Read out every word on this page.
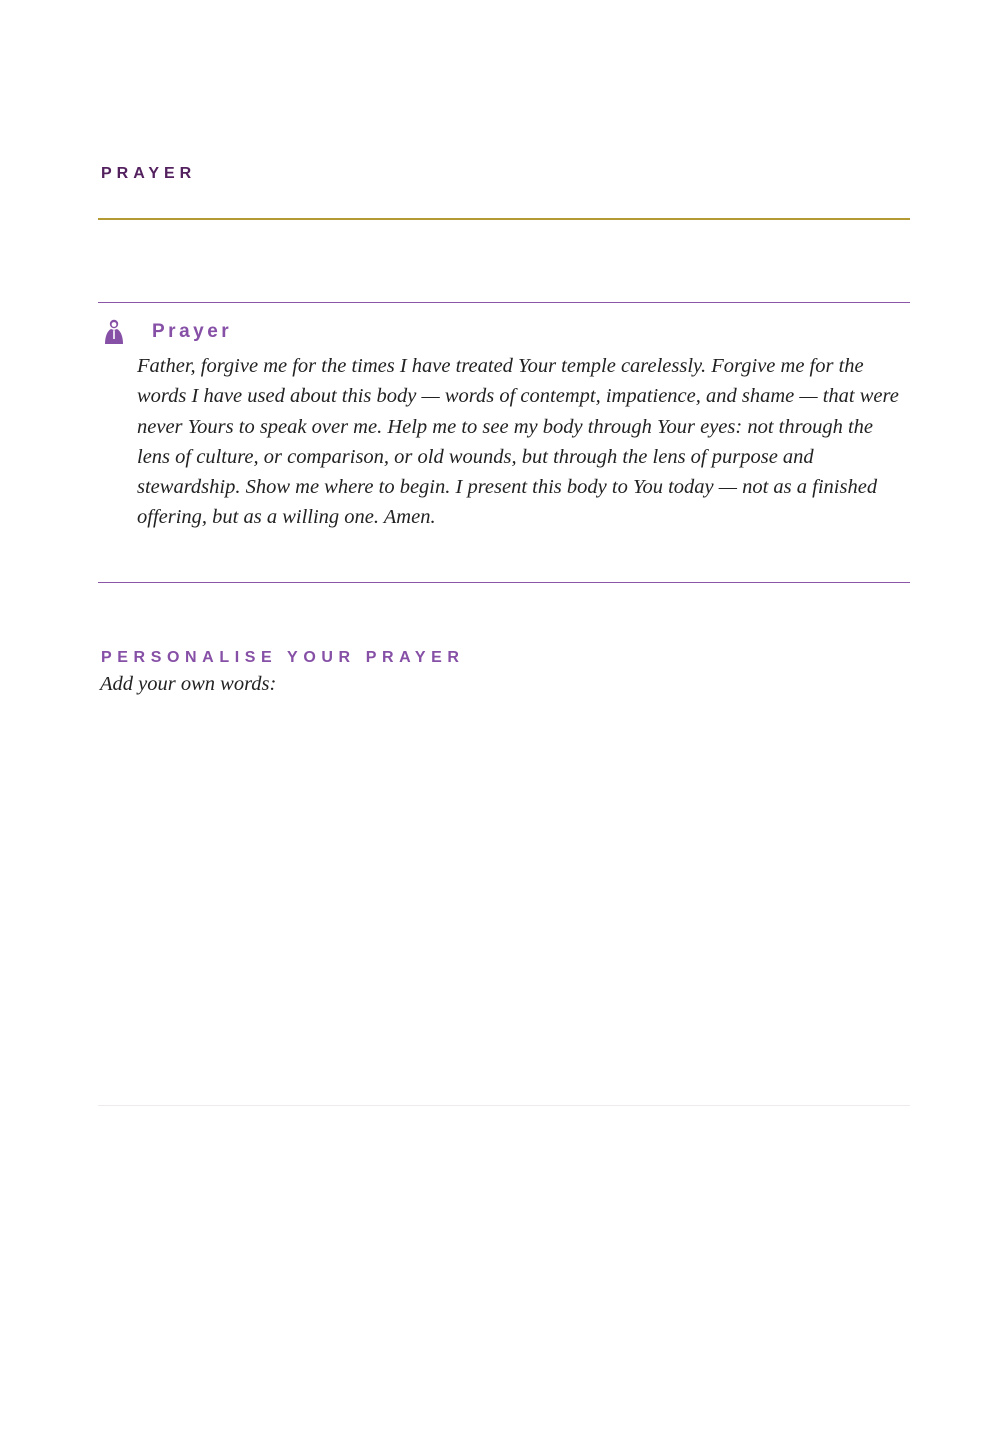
PRAYER
Prayer

Father, forgive me for the times I have treated Your temple carelessly. Forgive me for the words I have used about this body — words of contempt, impatience, and shame — that were never Yours to speak over me. Help me to see my body through Your eyes: not through the lens of culture, or comparison, or old wounds, but through the lens of purpose and stewardship. Show me where to begin. I present this body to You today — not as a finished offering, but as a willing one. Amen.

PERSONALISE YOUR PRAYER

Add your own words:
